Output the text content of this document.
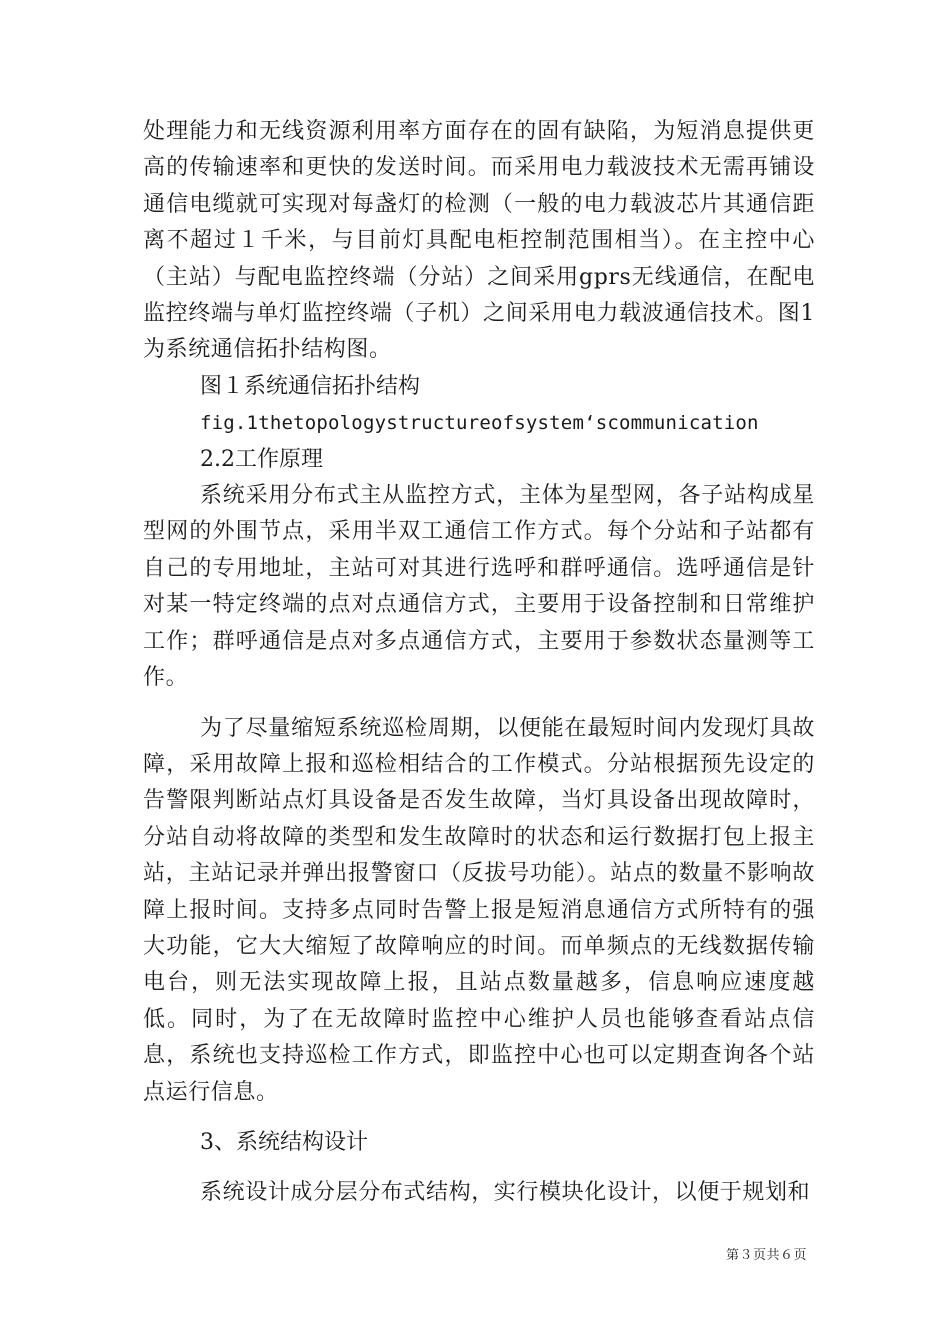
处理能力和无线资源利用率方面存在的固有缺陷，为短消息提供更高的传输速率和更快的发送时间。而采用电力载波技术无需再铺设通信电缆就可实现对每盏灯的检测（一般的电力载波芯片其通信距离不超过１千米，与目前灯具配电柜控制范围相当）。在主控中心（主站）与配电监控终端（分站）之间采用gprs无线通信，在配电监控终端与单灯监控终端（子机）之间采用电力载波通信技术。图1为系统通信拓扑结构图。

图１系统通信拓扑结构

fig.1thetopologystructureofsystem‘scommunication

2.2工作原理

系统采用分布式主从监控方式，主体为星型网，各子站构成星型网的外围节点，采用半双工通信工作方式。每个分站和子站都有自己的专用地址，主站可对其进行选呼和群呼通信。选呼通信是针对某一特定终端的点对点通信方式，主要用于设备控制和日常维护工作；群呼通信是点对多点通信方式，主要用于参数状态量测等工作。

为了尽量缩短系统巡检周期，以便能在最短时间内发现灯具故障，采用故障上报和巡检相结合的工作模式。分站根据预先设定的告警限判断站点灯具设备是否发生故障，当灯具设备出现故障时，分站自动将故障的类型和发生故障时的状态和运行数据打包上报主站，主站记录并弹出报警窗口（反拔号功能）。站点的数量不影响故障上报时间。支持多点同时告警上报是短消息通信方式所特有的强大功能，它大大缩短了故障响应的时间。而单频点的无线数据传输电台，则无法实现故障上报，且站点数量越多，信息响应速度越低。同时，为了在无故障时监控中心维护人员也能够查看站点信息，系统也支持巡检工作方式，即监控中心也可以定期查询各个站点运行信息。

3、系统结构设计

系统设计成分层分布式结构，实行模块化设计，以便于规划和

第３页共６页
